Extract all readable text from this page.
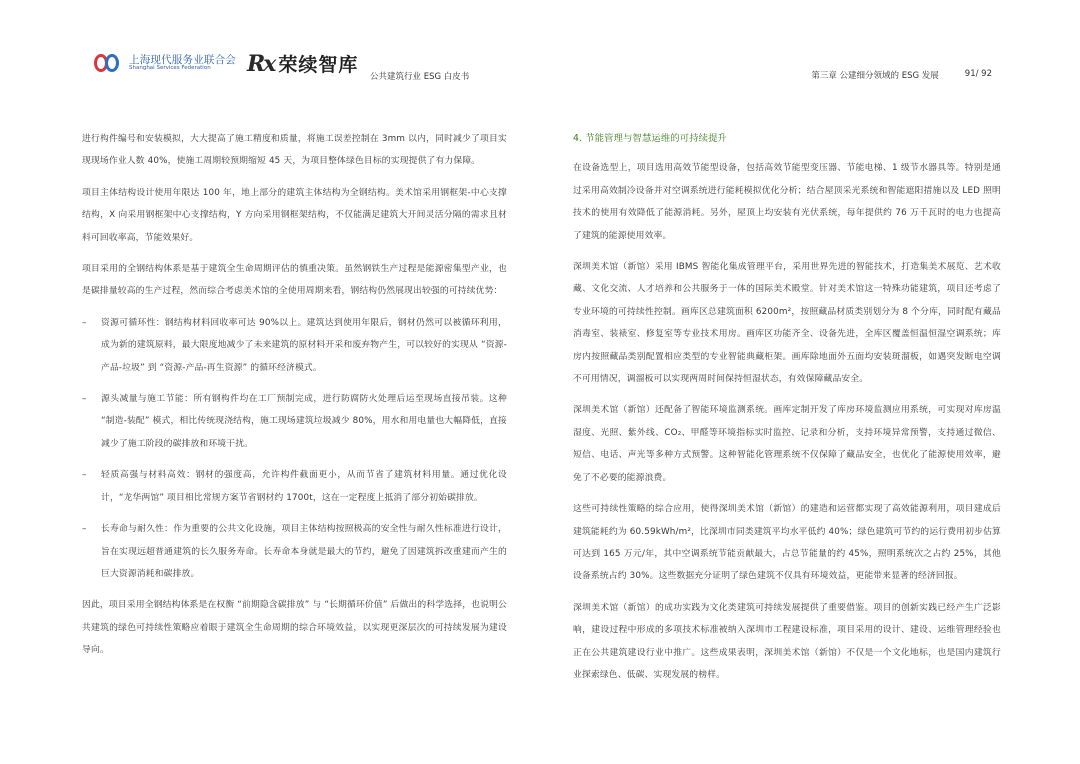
上海现代服务业联合会
Shanghai Services Federation	Rx 荣续智库
公共建筑行业 ESG 白皮书	第三章 公建细分领域的 ESG 发展	91/ 92

进行构件编号和安装模拟，大大提高了施工精度和质量，将施工误差控制在 3mm 以内，同时减少了项目实现现场作业人数 40%，使施工周期较预期缩短 45 天，为项目整体绿色目标的实现提供了有力保障。

项目主体结构设计使用年限达 100 年，地上部分的建筑主体结构为全钢结构。美术馆采用钢框架-中心支撑结构，X 向采用钢框架中心支撑结构，Y 方向采用钢框架结构，不仅能满足建筑大开间灵活分隔的需求且材料可回收率高，节能效果好。

项目采用的全钢结构体系是基于建筑全生命周期评估的慎重决策。虽然钢铁生产过程是能源密集型产业，也是碳排量较高的生产过程，然而综合考虑美术馆的全使用周期来看，钢结构仍然展现出较强的可持续优势：

–	资源可循环性：钢结构材料回收率可达 90%以上。建筑达到使用年限后，钢材仍然可以被循环利用，成为新的建筑原料，最大限度地减少了未来建筑的原材料开采和废弃物产生，可以较好的实现从 “资源-产品-垃圾” 到 “资源-产品-再生资源” 的循环经济模式。
–	源头减量与施工节能：所有钢构件均在工厂预制完成，进行防腐防火处理后运至现场直接吊装。这种 “制造-装配” 模式，相比传统现浇结构，施工现场建筑垃圾减少 80%，用水和用电量也大幅降低，直接减少了施工阶段的碳排放和环境干扰。
–	轻质高强与材料高效：钢材的强度高，允许构件截面更小，从而节省了建筑材料用量。通过优化设计，“龙华两馆” 项目相比常规方案节省钢材约 1700t，这在一定程度上抵消了部分初始碳排放。
–	长寿命与耐久性：作为重要的公共文化设施，项目主体结构按照极高的安全性与耐久性标准进行设计，旨在实现远超普通建筑的长久服务寿命。长寿命本身就是最大的节约，避免了因建筑拆改重建而产生的巨大资源消耗和碳排放。

因此，项目采用全钢结构体系是在权衡 “前期隐含碳排放” 与 “长期循环价值” 后做出的科学选择，也说明公共建筑的绿色可持续性策略应着眼于建筑全生命周期的综合环境效益，以实现更深层次的可持续发展为建设导向。

4. 节能管理与智慧运维的可持续提升

在设备选型上，项目选用高效节能型设备，包括高效节能型变压器、节能电梯、1 级节水器具等。特别是通过采用高效制冷设备并对空调系统进行能耗模拟优化分析；结合屋顶采光系统和智能遮阳措施以及 LED 照明技术的使用有效降低了能源消耗。另外，屋顶上均安装有光伏系统，每年提供约 76 万千瓦时的电力也提高了建筑的能源使用效率。

深圳美术馆（新馆）采用 IBMS 智能化集成管理平台，采用世界先进的智能技术，打造集美术展览、艺术收藏、文化交流、人才培养和公共服务于一体的国际美术殿堂。针对美术馆这一特殊功能建筑，项目还考虑了专业环境的可持续性控制。画库区总建筑面积 6200m²，按照藏品材质类别划分为 8 个分库，同时配有藏品消毒室、装裱室、修复室等专业技术用房。画库区功能齐全、设备先进，全库区覆盖恒温恒湿空调系统；库房内按照藏品类别配置相应类型的专业智能典藏柜架。画库除地面外五面均安装斑溜板，如遇突发断电空调不可用情况，调溜板可以实现两周时间保持恒湿状态，有效保障藏品安全。

深圳美术馆（新馆）还配备了智能环境监测系统。画库定制开发了库房环境监测应用系统，可实现对库房温湿度、光照、紫外线、CO₂、甲醛等环境指标实时监控、记录和分析，支持环境异常预警，支持通过微信、短信、电话、声光等多种方式预警。这种智能化管理系统不仅保障了藏品安全，也优化了能源使用效率，避免了不必要的能源浪费。

这些可持续性策略的综合应用，使得深圳美术馆（新馆）的建造和运营都实现了高效能源利用，项目建成后建筑能耗约为 60.59kWh/m²，比深圳市同类建筑平均水平低约 40%；绿色建筑可节约的运行费用初步估算可达到 165 万元/年，其中空调系统节能贡献最大，占总节能量的约 45%，照明系统次之占约 25%，其他设备系统占约 30%。这些数据充分证明了绿色建筑不仅具有环境效益，更能带来显著的经济回报。

深圳美术馆（新馆）的成功实践为文化类建筑可持续发展提供了重要借鉴。项目的创新实践已经产生广泛影响，建设过程中形成的多项技术标准被纳入深圳市工程建设标准，项目采用的设计、建设、运维管理经验也正在公共建筑建设行业中推广。这些成果表明，深圳美术馆（新馆）不仅是一个文化地标，也是国内建筑行业探索绿色、低碳、实现发展的榜样。
